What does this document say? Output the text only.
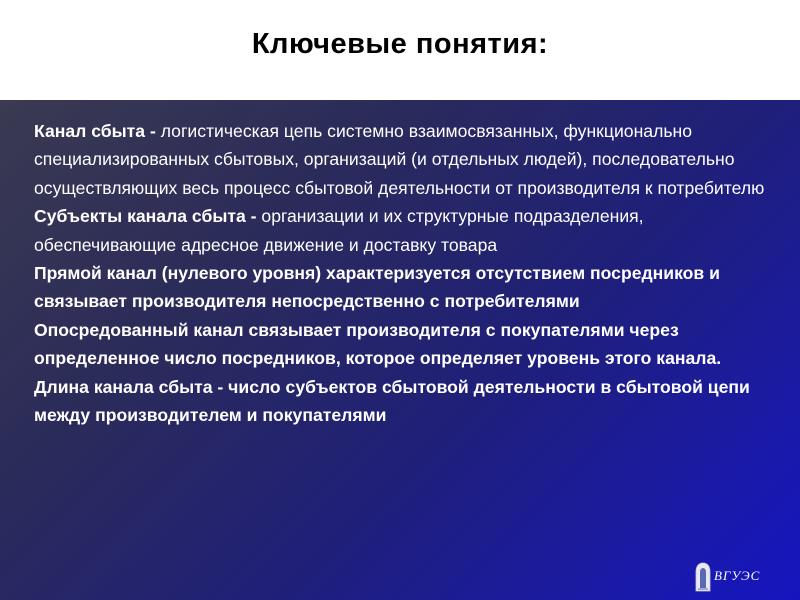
Ключевые понятия:

Канал сбыта - логистическая цепь системно взаимосвязанных, функционально специализированных сбытовых, организаций (и отдельных людей), последовательно осуществляющих весь процесс сбытовой деятельности от производителя к потребителю

Субъекты канала сбыта - организации и их структурные подразделения, обеспечивающие адресное движение и доставку товара

Прямой канал (нулевого уровня) характеризуется отсутствием посредников и связывает производителя непосредственно с потребителями

Опосредованный канал связывает производителя с покупателями через определенное число посредников, которое определяет уровень этого канала.

Длина канала сбыта - число субъектов сбытовой деятельности в сбытовой цепи между производителем и покупателями

ВГУЭС
